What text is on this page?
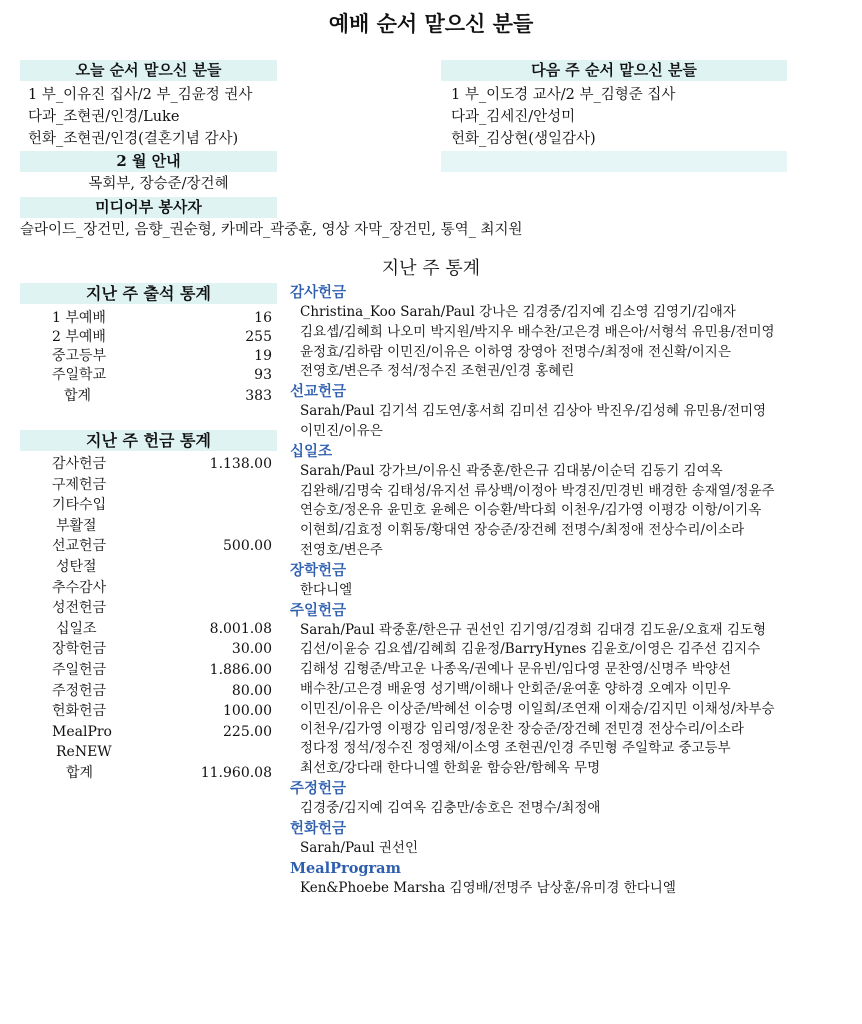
예배 순서 맡으신 분들
오늘 순서 맡으신 분들
1 부_이유진 집사/2 부_김윤정 권사
다과_조현권/인경/Luke
헌화_조현권/인경(결혼기념 감사)
다음 주 순서 맡으신 분들
1 부_이도경 교사/2 부_김형준 집사
다과_김세진/안성미
헌화_김상현(생일감사)
2 월 안내
목회부, 장승준/장건혜
미디어부 봉사자
슬라이드_장건민, 음향_권순형, 카메라_곽중훈, 영상 자막_장건민, 통역_ 최지원
지난 주 통계
지난 주 출석 통계
1 부예배	16
2 부예배	255
중고등부	19
주일학교	93
합계	383
지난 주 헌금 통계
감사헌금	1.138.00
구제헌금
기타수입
부활절
선교헌금	500.00
성탄절
추수감사
성전헌금
십일조	8.001.08
장학헌금	30.00
주일헌금	1.886.00
주정헌금	80.00
헌화헌금	100.00
MealPro	225.00
ReNEW
합계	11.960.08
감사헌금
Christina_Koo Sarah/Paul 강나은 김경중/김지예 김소영 김영기/김애자
김요셉/김혜희 나오미 박지원/박지우 배수찬/고은경 배은아/서형석 유민용/전미영
윤정효/김하람 이민진/이유은 이하영 장영아 전명수/최정애 전신확/이지은
전영호/변은주 정석/정수진 조현권/인경 홍혜린
선교헌금
Sarah/Paul 김기석 김도연/홍서희 김미선 김상아 박진우/김성혜 유민용/전미영
이민진/이유은
십일조
Sarah/Paul 강가브/이유신 곽중훈/한은규 김대봉/이순덕 김동기 김여옥
김완해/김명숙 김태성/유지선 류상백/이정아 박경진/민경빈 배경한 송재열/정윤주
연승호/정온유 윤민호 윤혜은 이승환/박다희 이천우/김가영 이평강 이항/이기옥
이현희/김효정 이휘동/황대연 장승준/장건혜 전명수/최정애 전상수리/이소라
전영호/변은주
장학헌금
한다니엘
주일헌금
Sarah/Paul 곽중훈/한은규 권선인 김기영/김경희 김대경 김도윤/오효재 김도형
김선/이윤승 김요셉/김혜희 김윤정/BarryHynes 김윤호/이영은 김주선 김지수
김해성 김형준/박고운 나종옥/권예나 문유빈/임다영 문찬영/신명주 박양선
배수찬/고은경 배윤영 성기백/이해나 안회준/윤여훈 양하경 오예자 이민우
이민진/이유은 이상준/박혜선 이승명 이일희/조연재 이재승/김지민 이채성/차부승
이천우/김가영 이평강 임리영/정운찬 장승준/장건혜 전민경 전상수리/이소라
정다정 정석/정수진 정영채/이소영 조현권/인경 주민형 주일학교 중고등부
최선호/강다래 한다니엘 한희윤 함승완/함혜옥 무명
주정헌금
김경중/김지예 김여옥 김충만/송호은 전명수/최정애
헌화헌금
Sarah/Paul 권선인
MealProgram
Ken&Phoebe Marsha 김영배/전명주 남상훈/유미경 한다니엘
